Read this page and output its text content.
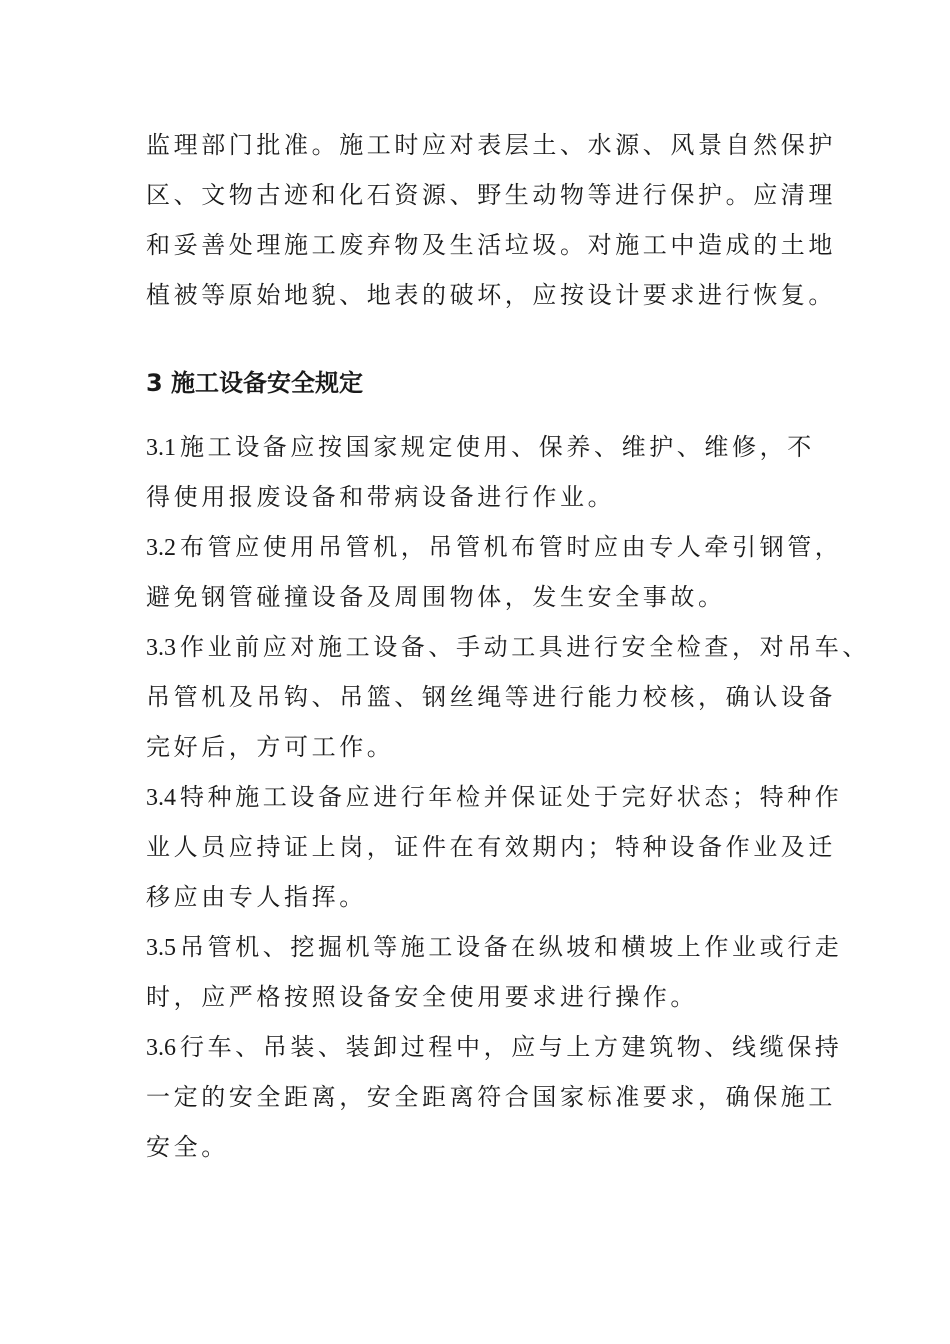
监理部门批准。施工时应对表层土、水源、风景自然保护
区、文物古迹和化石资源、野生动物等进行保护。应清理
和妥善处理施工废弃物及生活垃圾。对施工中造成的土地
植被等原始地貌、地表的破坏，应按设计要求进行恢复。
3 施工设备安全规定
3.1 施工设备应按国家规定使用、保养、维护、维修，不
得使用报废设备和带病设备进行作业。
3.2 布管应使用吊管机，吊管机布管时应由专人牵引钢管，
避免钢管碰撞设备及周围物体，发生安全事故。
3.3 作业前应对施工设备、手动工具进行安全检查，对吊车、
吊管机及吊钩、吊篮、钢丝绳等进行能力校核，确认设备
完好后，方可工作。
3.4 特种施工设备应进行年检并保证处于完好状态；特种作
业人员应持证上岗，证件在有效期内；特种设备作业及迁
移应由专人指挥。
3.5 吊管机、挖掘机等施工设备在纵坡和横坡上作业或行走
时，应严格按照设备安全使用要求进行操作。
3.6 行车、吊装、装卸过程中，应与上方建筑物、线缆保持
一定的安全距离，安全距离符合国家标准要求，确保施工
安全。
